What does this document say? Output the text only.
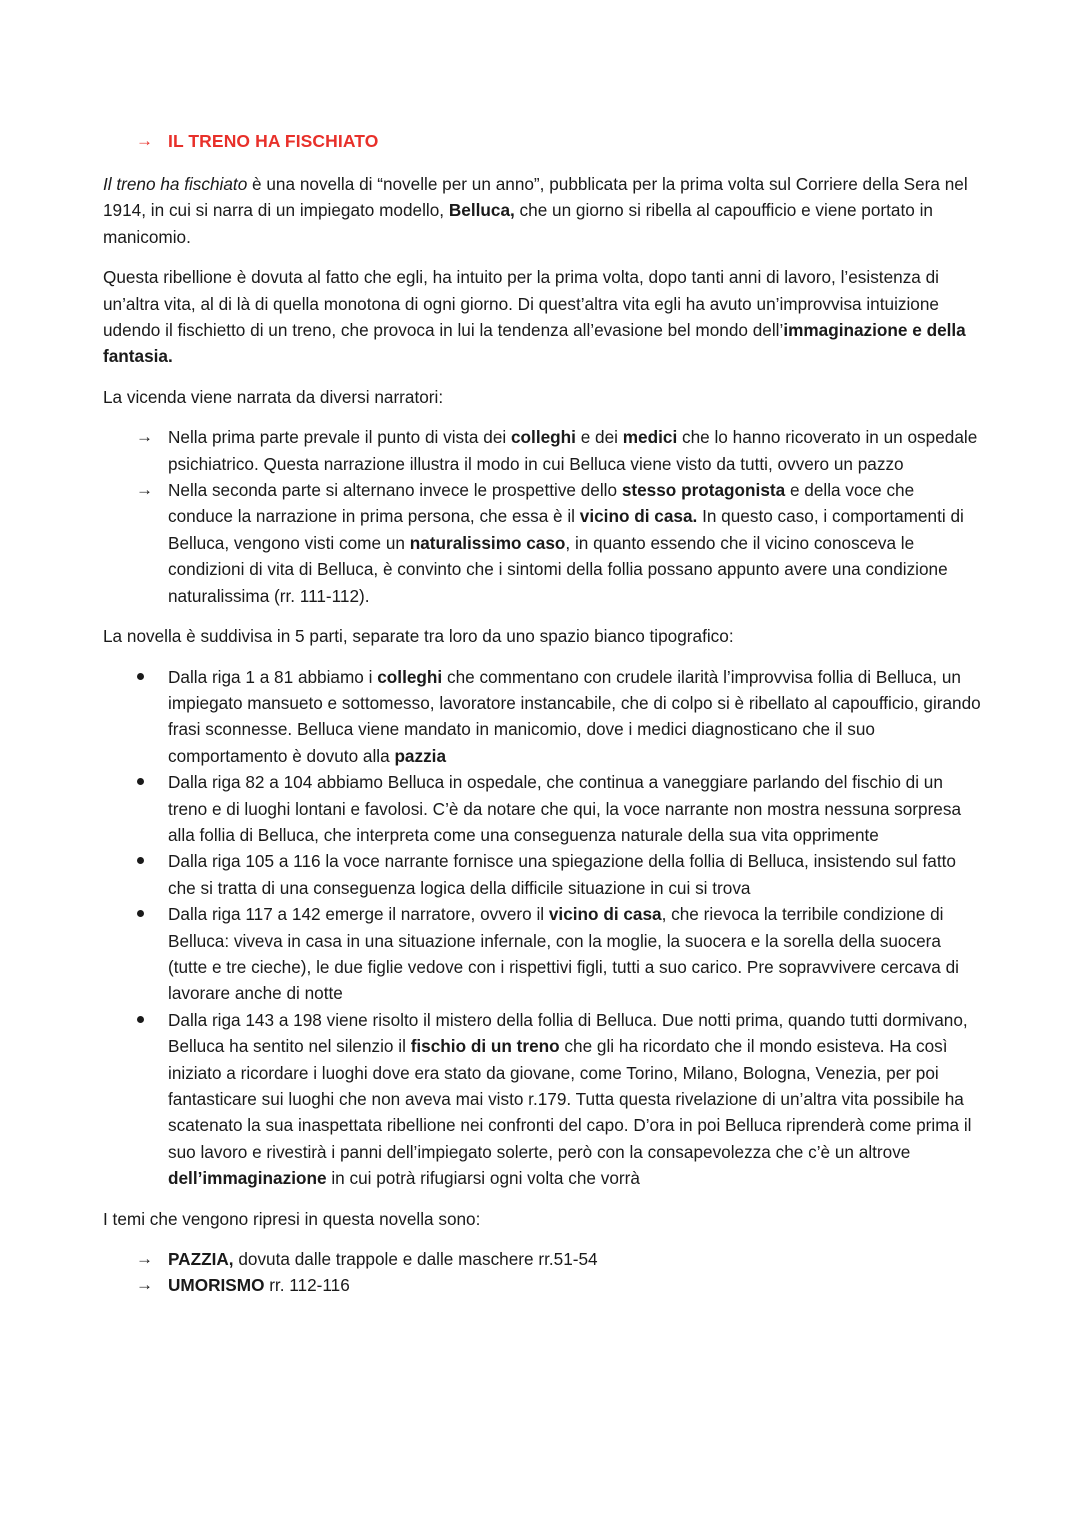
→ IL TRENO HA FISCHIATO

Il treno ha fischiato è una novella di “novelle per un anno”, pubblicata per la prima volta sul Corriere della Sera nel 1914, in cui si narra di un impiegato modello, Belluca, che un giorno si ribella al capoufficio e viene portato in manicomio.

Questa ribellione è dovuta al fatto che egli, ha intuito per la prima volta, dopo tanti anni di lavoro, l’esistenza di un’altra vita, al di là di quella monotona di ogni giorno. Di quest’altra vita egli ha avuto un’improvvisa intuizione udendo il fischietto di un treno, che provoca in lui la tendenza all’evasione bel mondo dell’immaginazione e della fantasia.

La vicenda viene narrata da diversi narratori:

→ Nella prima parte prevale il punto di vista dei colleghi e dei medici che lo hanno ricoverato in un ospedale psichiatrico. Questa narrazione illustra il modo in cui Belluca viene visto da tutti, ovvero un pazzo
→ Nella seconda parte si alternano invece le prospettive dello stesso protagonista e della voce che conduce la narrazione in prima persona, che essa è il vicino di casa. In questo caso, i comportamenti di Belluca, vengono visti come un naturalissimo caso, in quanto essendo che il vicino conosceva le condizioni di vita di Belluca, è convinto che i sintomi della follia possano appunto avere una condizione naturalissima (rr. 111-112).

La novella è suddivisa in 5 parti, separate tra loro da uno spazio bianco tipografico:

Dalla riga 1 a 81 abbiamo i colleghi che commentano con crudele ilarità l’improvvisa follia di Belluca, un impiegato mansueto e sottomesso, lavoratore instancabile, che di colpo si è ribellato al capoufficio, girando frasi sconnesse. Belluca viene mandato in manicomio, dove i medici diagnosticano che il suo comportamento è dovuto alla pazzia
Dalla riga 82 a 104 abbiamo Belluca in ospedale, che continua a vaneggiare parlando del fischio di un treno e di luoghi lontani e favolosi. C’è da notare che qui, la voce narrante non mostra nessuna sorpresa alla follia di Belluca, che interpreta come una conseguenza naturale della sua vita opprimente
Dalla riga 105 a 116 la voce narrante fornisce una spiegazione della follia di Belluca, insistendo sul fatto che si tratta di una conseguenza logica della difficile situazione in cui si trova
Dalla riga 117 a 142 emerge il narratore, ovvero il vicino di casa, che rievoca la terribile condizione di Belluca: viveva in casa in una situazione infernale, con la moglie, la suocera e la sorella della suocera (tutte e tre cieche), le due figlie vedove con i rispettivi figli, tutti a suo carico. Pre sopravvivere cercava di lavorare anche di notte
Dalla riga 143 a 198 viene risolto il mistero della follia di Belluca. Due notti prima, quando tutti dormivano, Belluca ha sentito nel silenzio il fischio di un treno che gli ha ricordato che il mondo esisteva. Ha così iniziato a ricordare i luoghi dove era stato da giovane, come Torino, Milano, Bologna, Venezia, per poi fantasticare sui luoghi che non aveva mai visto r.179. Tutta questa rivelazione di un’altra vita possibile ha scatenato la sua inaspettata ribellione nei confronti del capo. D’ora in poi Belluca riprenderà come prima il suo lavoro e rivestirà i panni dell’impiegato solerte, però con la consapevolezza che c’è un altrove dell’immaginazione in cui potrà rifugiarsi ogni volta che vorrà

I temi che vengono ripresi in questa novella sono:

→ PAZZIA, dovuta dalle trappole e dalle maschere rr.51-54
→ UMORISMO rr. 112-116
